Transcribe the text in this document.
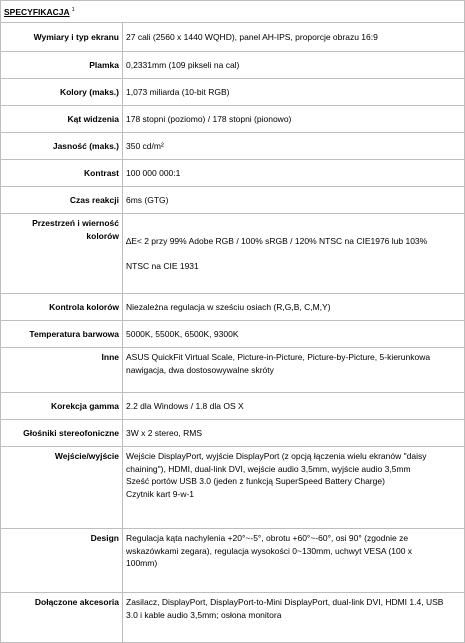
SPECYFIKACJA $^1$
Wymiary i typ ekranu	27 cali (2560 x 1440 WQHD), panel AH-IPS, proporcje obrazu 16:9
Plamka	0,2331mm (109 pikseli na cal)
Kolory (maks.)	1,073 miliarda (10-bit RGB)
Kąt widzenia	178 stopni (poziomo) / 178 stopni (pionowo)
Jasność (maks.)	350 cd/m²
Kontrast	100 000 000:1
Czas reakcji	6ms (GTG)

Przestrzeń i wierność
kolorów	∆E< 2 przy 99% Adobe RGB / 100% sRGB / 120% NTSC na CIE1976 lub 103%
NTSC na CIE 1931

Kontrola kolorów	Niezależna regulacja w sześciu osiach (R,G,B, C,M,Y)
Temperatura barwowa	5000K, 5500K, 6500K, 9300K
Inne	ASUS QuickFit Virtual Scale, Picture-in-Picture, Picture-by-Picture, 5-kierunkowa
nawigacja, dwa dostosowywalne skróty

Korekcja gamma	2.2 dla Windows / 1.8 dla OS X
Głośniki stereofoniczne	3W x 2 stereo, RMS
Wejście/wyjście	Wejście DisplayPort, wyjście DisplayPort (z opcją łączenia wielu ekranów "daisy
chaining"), HDMI, dual-link DVI, wejście audio 3,5mm, wyjście audio 3,5mm
Sześć portów USB 3.0 (jeden z funkcją SuperSpeed Battery Charge)
Czytnik kart 9-w-1

Design	Regulacja kąta nachylenia +20°~-5°, obrotu +60°~-60°, osi 90° (zgodnie ze
wskazówkami zegara), regulacja wysokości 0~130mm, uchwyt VESA (100 x
100mm)

Dołączone akcesoria	Zasilacz, DisplayPort, DisplayPort-to-Mini DisplayPort, dual-link DVI, HDMI 1.4, USB
3.0 i kable audio 3,5mm; osłona monitora
